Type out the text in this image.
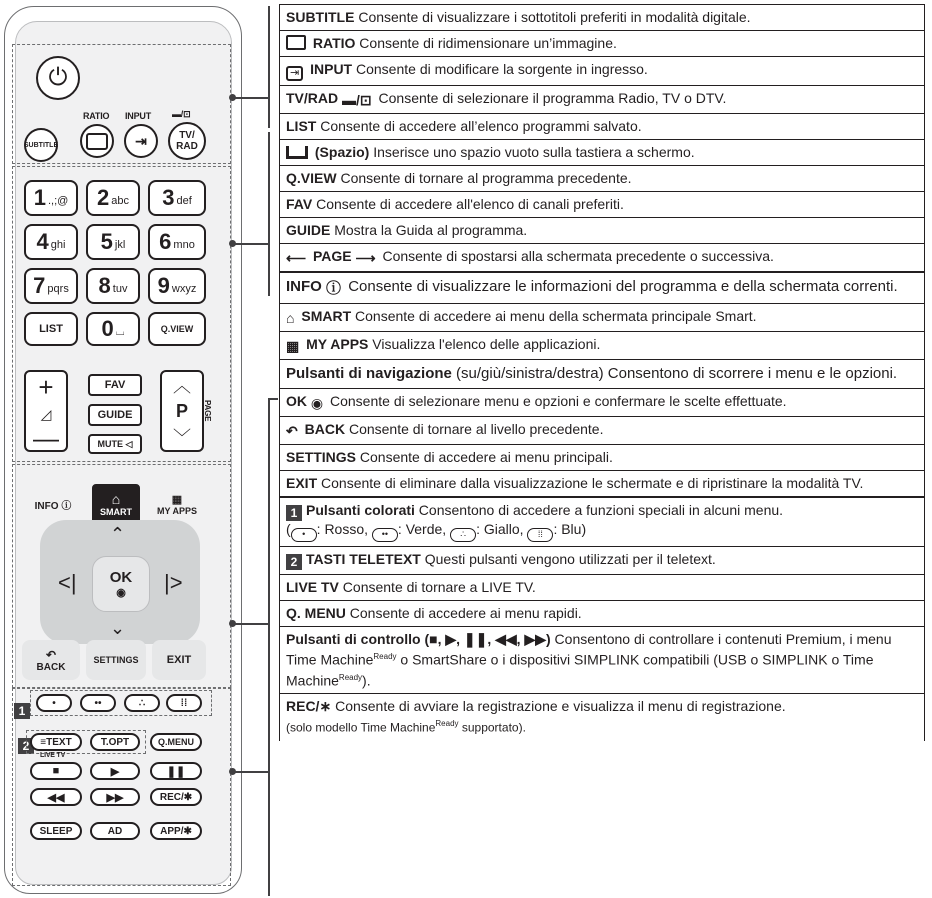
⏻
RATIO INPUT ▬/⊡
SUBTITLE	⇥	TV/
RAD
1 .,;@ 2 abc 3 def
4 ghi 5 jkl 6 mno
7 pqrs 8 tuv 9 wxyz
LIST 0 ⌴	Q.VIEW
+
◿
—
FAV
GUIDE
MUTE ◁
︿
P
﹀
PAGE
INFO ⓘ	⌂
SMART
▦
MY APPS
⌃
<|	|>
⌄
OK
◉
↶
BACK
SETTINGS	EXIT
1
•	••	∴	⁞⁞
2	≡TEXT	T.OPT	Q.MENU
LIVE TV
■	▶	❚❚
◀◀	▶▶	REC/✱
SLEEP	AD	APP/✱
SUBTITLE Consente di visualizzare i sottotitoli preferiti in modalità digitale.
RATIO Consente di ridimensionare un’immagine.
⇥ INPUT Consente di modificare la sorgente in ingresso.
TV/RAD ▬/⊡ Consente di selezionare il programma Radio, TV o DTV.
LIST Consente di accedere all’elenco programmi salvato.
(Spazio) Inserisce uno spazio vuoto sulla tastiera a schermo.
Q.VIEW Consente di tornare al programma precedente.
FAV Consente di accedere all'elenco di canali preferiti.
GUIDE Mostra la Guida al programma.
⟵ PAGE ⟶ Consente di spostarsi alla schermata precedente o successiva.
INFO ⓘ Consente di visualizzare le informazioni del programma e della schermata correnti.
⌂ SMART Consente di accedere ai menu della schermata principale Smart.
▦ MY APPS Visualizza l'elenco delle applicazioni.
Pulsanti di navigazione (su/giù/sinistra/destra) Consentono di scorrere i menu e le opzioni.
OK ◉ Consente di selezionare menu e opzioni e confermare le scelte effettuate.
↶ BACK Consente di tornare al livello precedente.
SETTINGS Consente di accedere ai menu principali.
EXIT Consente di eliminare dalla visualizzazione le schermate e di ripristinare la modalità TV.
1 Pulsanti colorati Consentono di accedere a funzioni speciali in alcuni menu.
( • : Rosso, •• : Verde, ∴ : Giallo, ⁞⁞ : Blu)
2 TASTI TELETEXT Questi pulsanti vengono utilizzati per il teletext.
LIVE TV Consente di tornare a LIVE TV.
Q. MENU Consente di accedere ai menu rapidi.
Pulsanti di controllo (■, ▶, ❚❚, ◀◀, ▶▶) Consentono di controllare i contenuti Premium, i menu Time Machine$^{Ready}$ o SmartShare o i dispositivi SIMPLINK compatibili (USB o SIMPLINK o Time Machine$^{Ready}$).
REC/∗ Consente di avviare la registrazione e visualizza il menu di registrazione.
(solo modello Time Machine$^{Ready}$ supportato).
